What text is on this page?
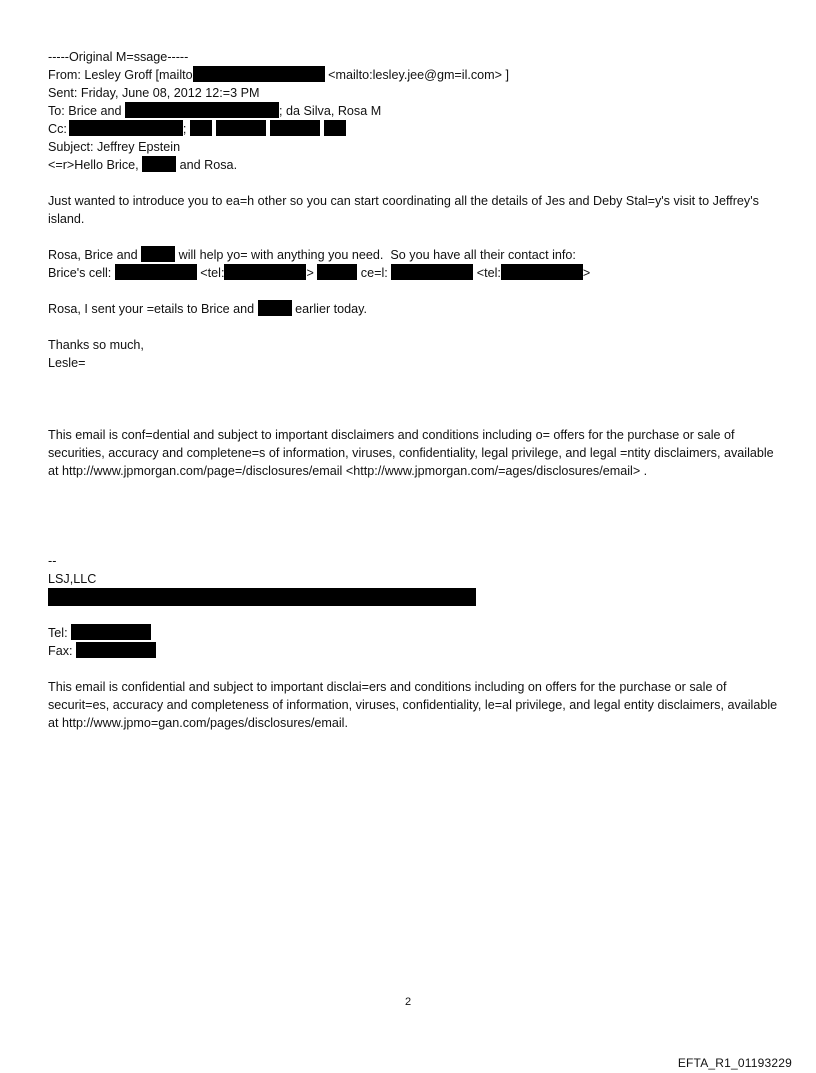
-----Original M=ssage-----
From: Lesley Groff [mailto	<mailto:lesley.jee@gm=il.com> ]
Sent: Friday, June 08, 2012 12:=3 PM
To: Brice and	; da Silva, Rosa M
Cc:	;
Subject: Jeffrey Epstein
<=r>Hello Brice,	and Rosa.

Just wanted to introduce you to ea=h other so you can start coordinating all the details of Jes and Deby Stal=y's visit to Jeffrey's island.

Rosa, Brice and	will help yo= with anything you need.  So you have all their contact info:
Brice's cell:	<tel:	>	ce=l:	<tel:	>
Rosa, I sent your =etails to Brice and	earlier today.
Thanks so much,
Lesle=

This email is conf=dential and subject to important disclaimers and conditions including o= offers for the purchase or sale of securities, accuracy and completene=s of information, viruses, confidentiality, legal privilege, and legal =ntity disclaimers, available at http://www.jpmorgan.com/page=/disclosures/email <http://www.jpmorgan.com/=ages/disclosures/email> .

--
LSJ,LLC
Tel:
Fax:

This email is confidential and subject to important disclai=ers and conditions including on offers for the purchase or sale of securit=es, accuracy and completeness of information, viruses, confidentiality, le=al privilege, and legal entity disclaimers, available at http://www.jpmo=gan.com/pages/disclosures/email.

2
EFTA_R1_01193229
